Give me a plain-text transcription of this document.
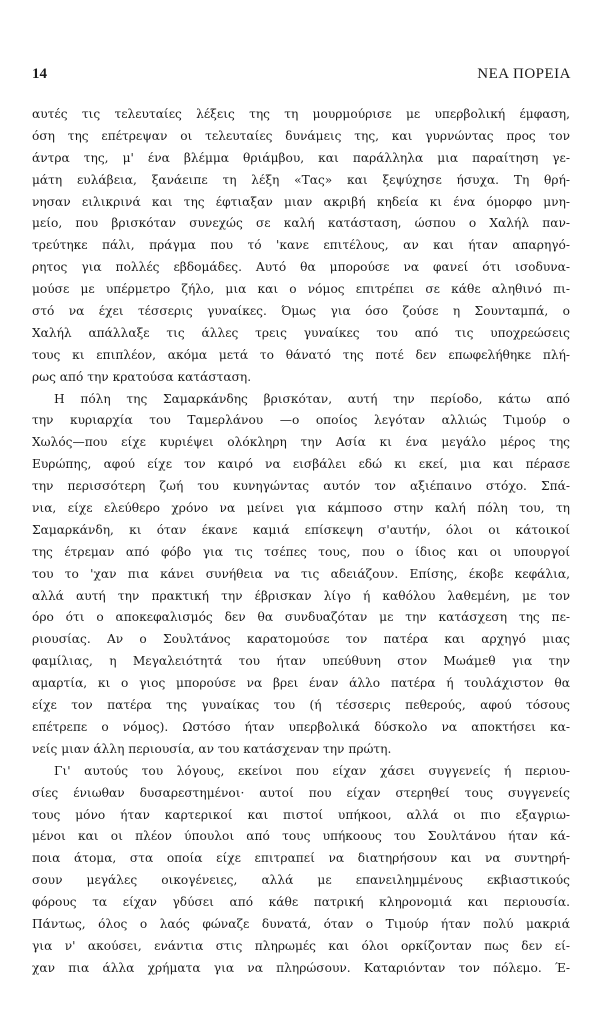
14	ΝΕΑ ΠΟΡΕΙΑ
αυτές τις τελευταίες λέξεις της τη μουρμούρισε με υπερβολική έμφαση,
όση της επέτρεψαν οι τελευταίες δυνάμεις της, και γυρνώντας προς τον
άντρα της, μ' ένα βλέμμα θριάμβου, και παράλληλα μια παραίτηση γε-
μάτη ευλάβεια, ξανάειπε τη λέξη «Τας» και ξεψύχησε ήσυχα. Τη θρή-
νησαν ειλικρινά και της έφτιαξαν μιαν ακριβή κηδεία κι ένα όμορφο μνη-
μείο, που βρισκόταν συνεχώς σε καλή κατάσταση, ώσπου ο Χαλήλ παν-
τρεύτηκε πάλι, πράγμα που τό 'κανε επιτέλους, αν και ήταν απαρηγό-
ρητος για πολλές εβδομάδες. Αυτό θα μπορούσε να φανεί ότι ισοδυνα-
μούσε με υπέρμετρο ζήλο, μια και ο νόμος επιτρέπει σε κάθε αληθινό πι-
στό να έχει τέσσερις γυναίκες. Όμως για όσο ζούσε η Σουνταμπά, ο
Χαλήλ απάλλαξε τις άλλες τρεις γυναίκες του από τις υποχρεώσεις
τους κι επιπλέον, ακόμα μετά το θάνατό της ποτέ δεν επωφελήθηκε πλή-
ρως από την κρατούσα κατάσταση.
Η πόλη της Σαμαρκάνδης βρισκόταν, αυτή την περίοδο, κάτω από
την κυριαρχία του Ταμερλάνου —ο οποίος λεγόταν αλλιώς Τιμούρ ο
Χωλός—που είχε κυριέψει ολόκληρη την Ασία κι ένα μεγάλο μέρος της
Ευρώπης, αφού είχε τον καιρό να εισβάλει εδώ κι εκεί, μια και πέρασε
την περισσότερη ζωή του κυνηγώντας αυτόν τον αξιέπαινο στόχο. Σπά-
νια, είχε ελεύθερο χρόνο να μείνει για κάμποσο στην καλή πόλη του, τη
Σαμαρκάνδη, κι όταν έκανε καμιά επίσκεψη σ'αυτήν, όλοι οι κάτοικοί
της έτρεμαν από φόβο για τις τσέπες τους, που ο ίδιος και οι υπουργοί
του το 'χαν πια κάνει συνήθεια να τις αδειάζουν. Επίσης, έκοβε κεφάλια,
αλλά αυτή την πρακτική την έβρισκαν λίγο ή καθόλου λαθεμένη, με τον
όρο ότι ο αποκεφαλισμός δεν θα συνδυαζόταν με την κατάσχεση της πε-
ριουσίας. Αν ο Σουλτάνος καρατομούσε τον πατέρα και αρχηγό μιας
φαμίλιας, η Μεγαλειότητά του ήταν υπεύθυνη στον Μωάμεθ για την
αμαρτία, κι ο γιος μπορούσε να βρει έναν άλλο πατέρα ή τουλάχιστον θα
είχε τον πατέρα της γυναίκας του (ή τέσσερις πεθερούς, αφού τόσους
επέτρεπε ο νόμος). Ωστόσο ήταν υπερβολικά δύσκολο να αποκτήσει κα-
νείς μιαν άλλη περιουσία, αν του κατάσχεναν την πρώτη.
Γι' αυτούς του λόγους, εκείνοι που είχαν χάσει συγγενείς ή περιου-
σίες ένιωθαν δυσαρεστημένοι· αυτοί που είχαν στερηθεί τους συγγενείς
τους μόνο ήταν καρτερικοί και πιστοί υπήκοοι, αλλά οι πιο εξαγριω-
μένοι και οι πλέον ύπουλοι από τους υπήκοους του Σουλτάνου ήταν κά-
ποια άτομα, στα οποία είχε επιτραπεί να διατηρήσουν και να συντηρή-
σουν μεγάλες οικογένειες, αλλά με επανειλημμένους εκβιαστικούς
φόρους τα είχαν γδύσει από κάθε πατρική κληρονομιά και περιουσία.
Πάντως, όλος ο λαός φώναζε δυνατά, όταν ο Τιμούρ ήταν πολύ μακριά
για ν' ακούσει, ενάντια στις πληρωμές και όλοι ορκίζονταν πως δεν εί-
χαν πια άλλα χρήματα για να πληρώσουν. Καταριόνταν τον πόλεμο. Έ-
